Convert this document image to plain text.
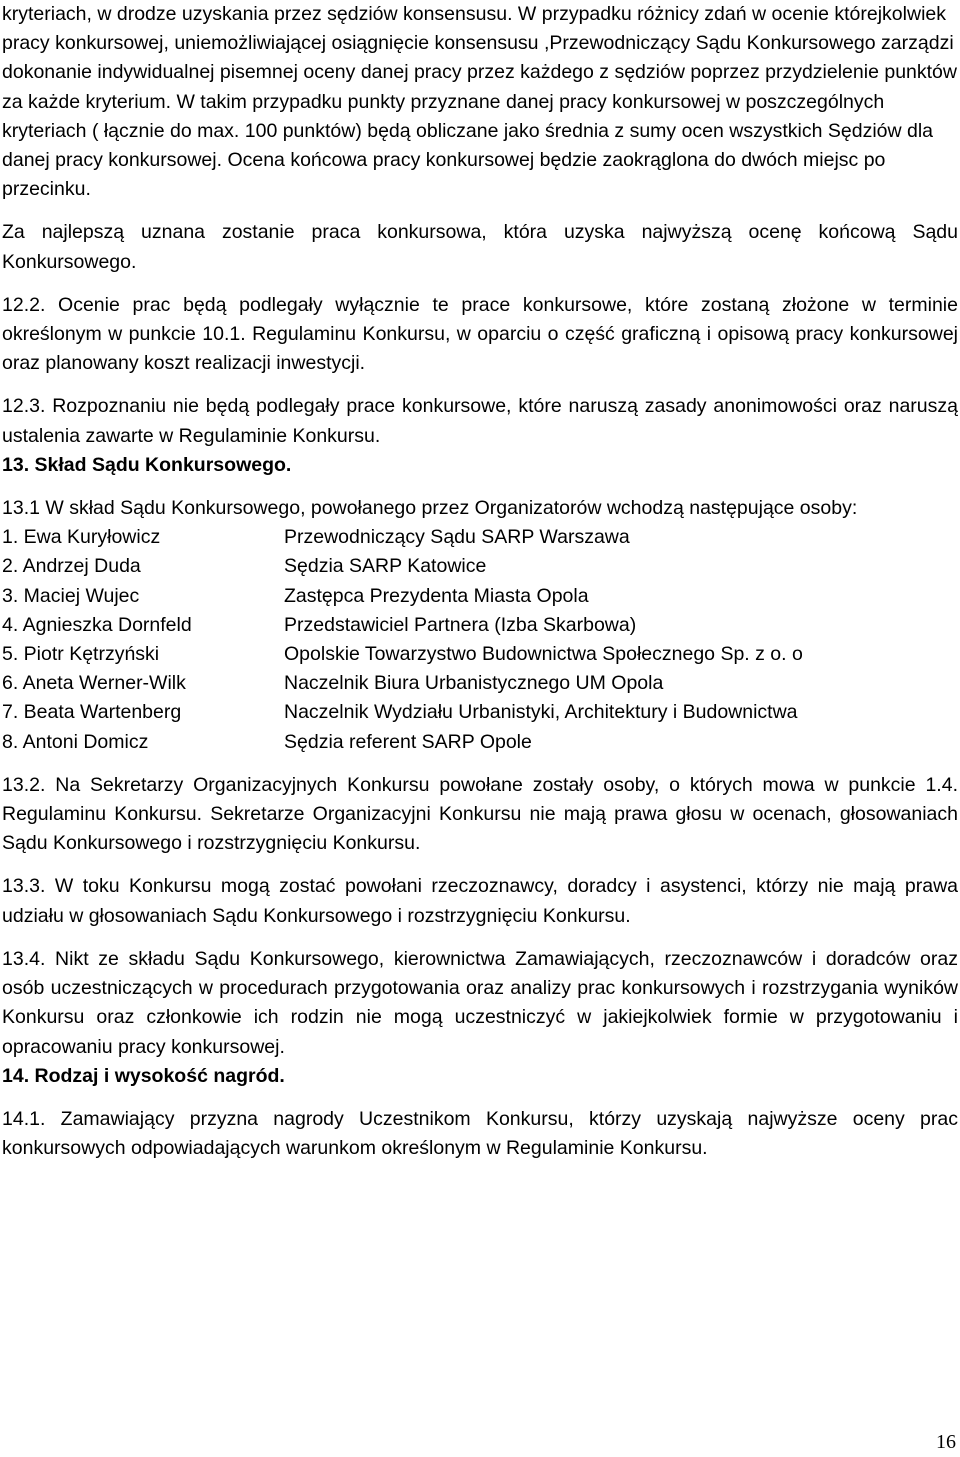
kryteriach, w drodze uzyskania przez sędziów konsensusu. W przypadku różnicy zdań w ocenie którejkolwiek pracy konkursowej, uniemożliwiającej osiągnięcie konsensusu ,Przewodniczący Sądu Konkursowego zarządzi dokonanie indywidualnej pisemnej oceny danej pracy przez każdego z sędziów poprzez przydzielenie punktów za każde kryterium. W takim przypadku punkty przyznane danej pracy konkursowej w poszczególnych kryteriach ( łącznie do max. 100 punktów) będą obliczane jako średnia z sumy ocen wszystkich Sędziów dla danej pracy konkursowej. Ocena końcowa pracy konkursowej będzie zaokrąglona do dwóch miejsc po przecinku.

Za najlepszą uznana zostanie praca konkursowa, która uzyska najwyższą ocenę końcową Sądu Konkursowego.

12.2. Ocenie prac będą podlegały wyłącznie te prace konkursowe, które zostaną złożone w terminie określonym w punkcie 10.1. Regulaminu Konkursu, w oparciu o część graficzną i opisową pracy konkursowej oraz planowany koszt realizacji inwestycji.

12.3. Rozpoznaniu nie będą podlegały prace konkursowe, które naruszą zasady anonimowości oraz naruszą ustalenia zawarte w Regulaminie Konkursu.

13. Skład Sądu Konkursowego.

13.1 W skład Sądu Konkursowego, powołanego przez Organizatorów wchodzą następujące osoby:

1. Ewa Kuryłowicz	Przewodniczący Sądu SARP Warszawa
2. Andrzej Duda	Sędzia SARP Katowice
3. Maciej Wujec	Zastępca Prezydenta Miasta Opola
4. Agnieszka Dornfeld	Przedstawiciel Partnera (Izba Skarbowa)
5. Piotr Kętrzyński	Opolskie Towarzystwo Budownictwa Społecznego Sp. z o. o
6. Aneta Werner-Wilk	Naczelnik Biura Urbanistycznego UM Opola
7. Beata Wartenberg	Naczelnik Wydziału Urbanistyki, Architektury i Budownictwa
8. Antoni Domicz	Sędzia referent SARP Opole

13.2. Na Sekretarzy Organizacyjnych Konkursu powołane zostały osoby, o których mowa w punkcie 1.4. Regulaminu Konkursu. Sekretarze Organizacyjni Konkursu nie mają prawa głosu w ocenach, głosowaniach Sądu Konkursowego i rozstrzygnięciu Konkursu.

13.3. W toku Konkursu mogą zostać powołani rzeczoznawcy, doradcy i asystenci, którzy nie mają prawa udziału w głosowaniach Sądu Konkursowego i rozstrzygnięciu Konkursu.

13.4. Nikt ze składu Sądu Konkursowego, kierownictwa Zamawiających, rzeczoznawców i doradców oraz osób uczestniczących w procedurach przygotowania oraz analizy prac konkursowych i rozstrzygania wyników Konkursu oraz członkowie ich rodzin nie mogą uczestniczyć w jakiejkolwiek formie w przygotowaniu i opracowaniu pracy konkursowej.

14. Rodzaj i wysokość nagród.

14.1. Zamawiający przyzna nagrody Uczestnikom Konkursu, którzy uzyskają najwyższe oceny prac konkursowych odpowiadających warunkom określonym w Regulaminie Konkursu.

16
